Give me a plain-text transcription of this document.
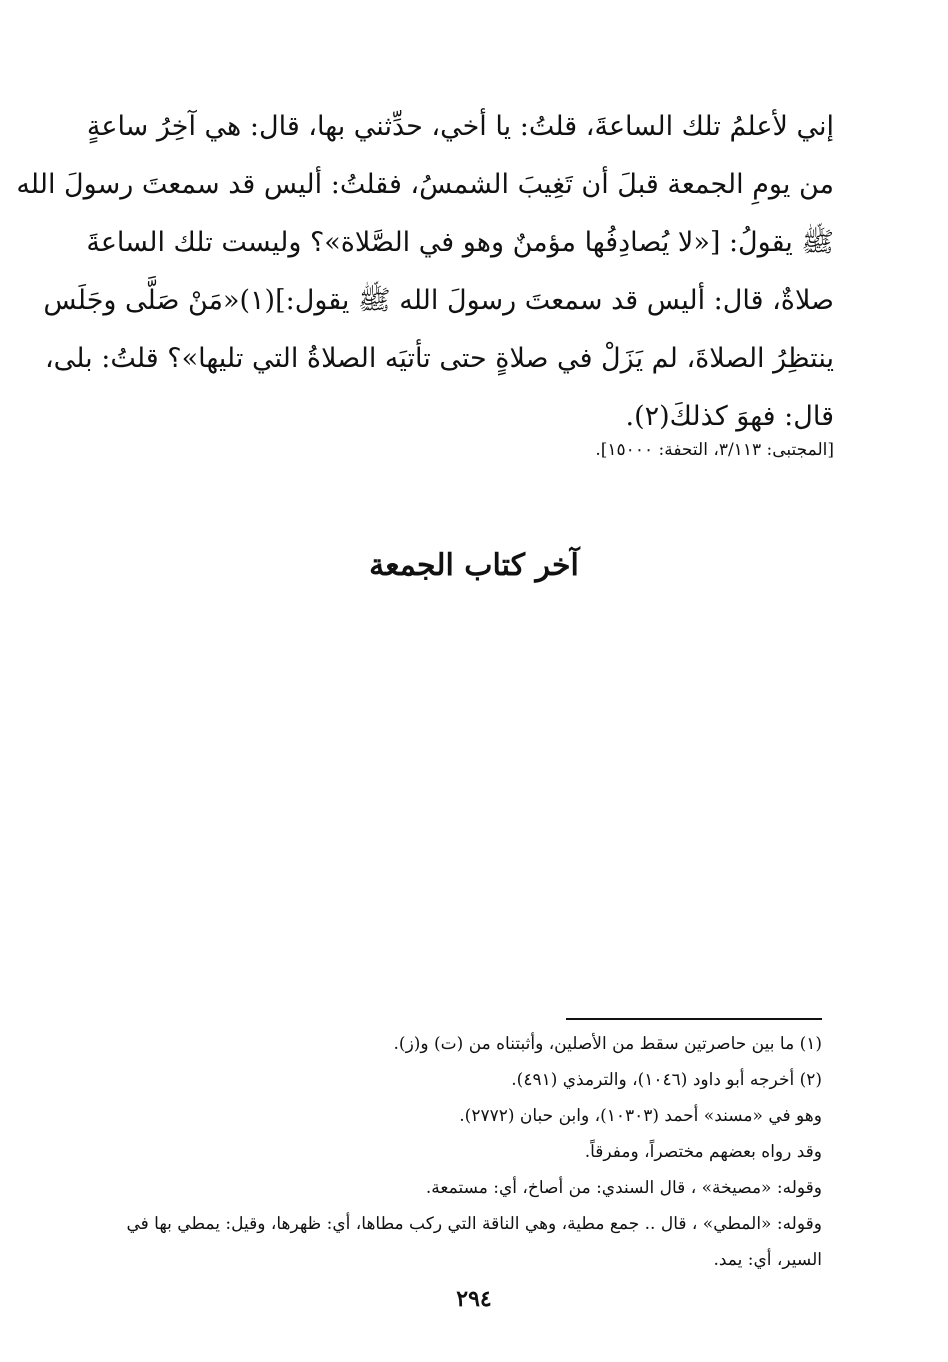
إني لأعلمُ تلك الساعةَ، قلتُ: يا أخي، حدِّثني بها، قال: هي آخِرُ ساعةٍ
من يومِ الجمعة قبلَ أن تَغِيبَ الشمسُ، فقلتُ: أليس قد سمعتَ رسولَ الله
ﷺ يقولُ: [«لا يُصادِفُها مؤمنٌ وهو في الصَّلاة»؟ وليست تلك الساعةَ
صلاةٌ، قال: أليس قد سمعتَ رسولَ الله ﷺ يقول:](١)«مَنْ صَلَّى وجَلَس
ينتظِرُ الصلاةَ، لم يَزَلْ في صلاةٍ حتى تأتيَه الصلاةُ التي تليها»؟ قلتُ: بلى،
قال: فهوَ كذلكَ(٢).
[المجتبى: ٣/١١٣، التحفة: ١٥٠٠٠].
آخر كتاب الجمعة
(١) ما بين حاصرتين سقط من الأصلين، وأثبتناه من (ت) و(ز).
(٢) أخرجه أبو داود (١٠٤٦)، والترمذي (٤٩١).
وهو في «مسند» أحمد (١٠٣٠٣)، وابن حبان (٢٧٧٢).
وقد رواه بعضهم مختصراً، ومفرقاً.
وقوله: «مصيخة» ، قال السندي: من أصاخ، أي: مستمعة.
وقوله: «المطي» ، قال .. جمع مطية، وهي الناقة التي ركب مطاها، أي: ظهرها، وقيل: يمطي بها في
السير، أي: يمد.
٢٩٤
